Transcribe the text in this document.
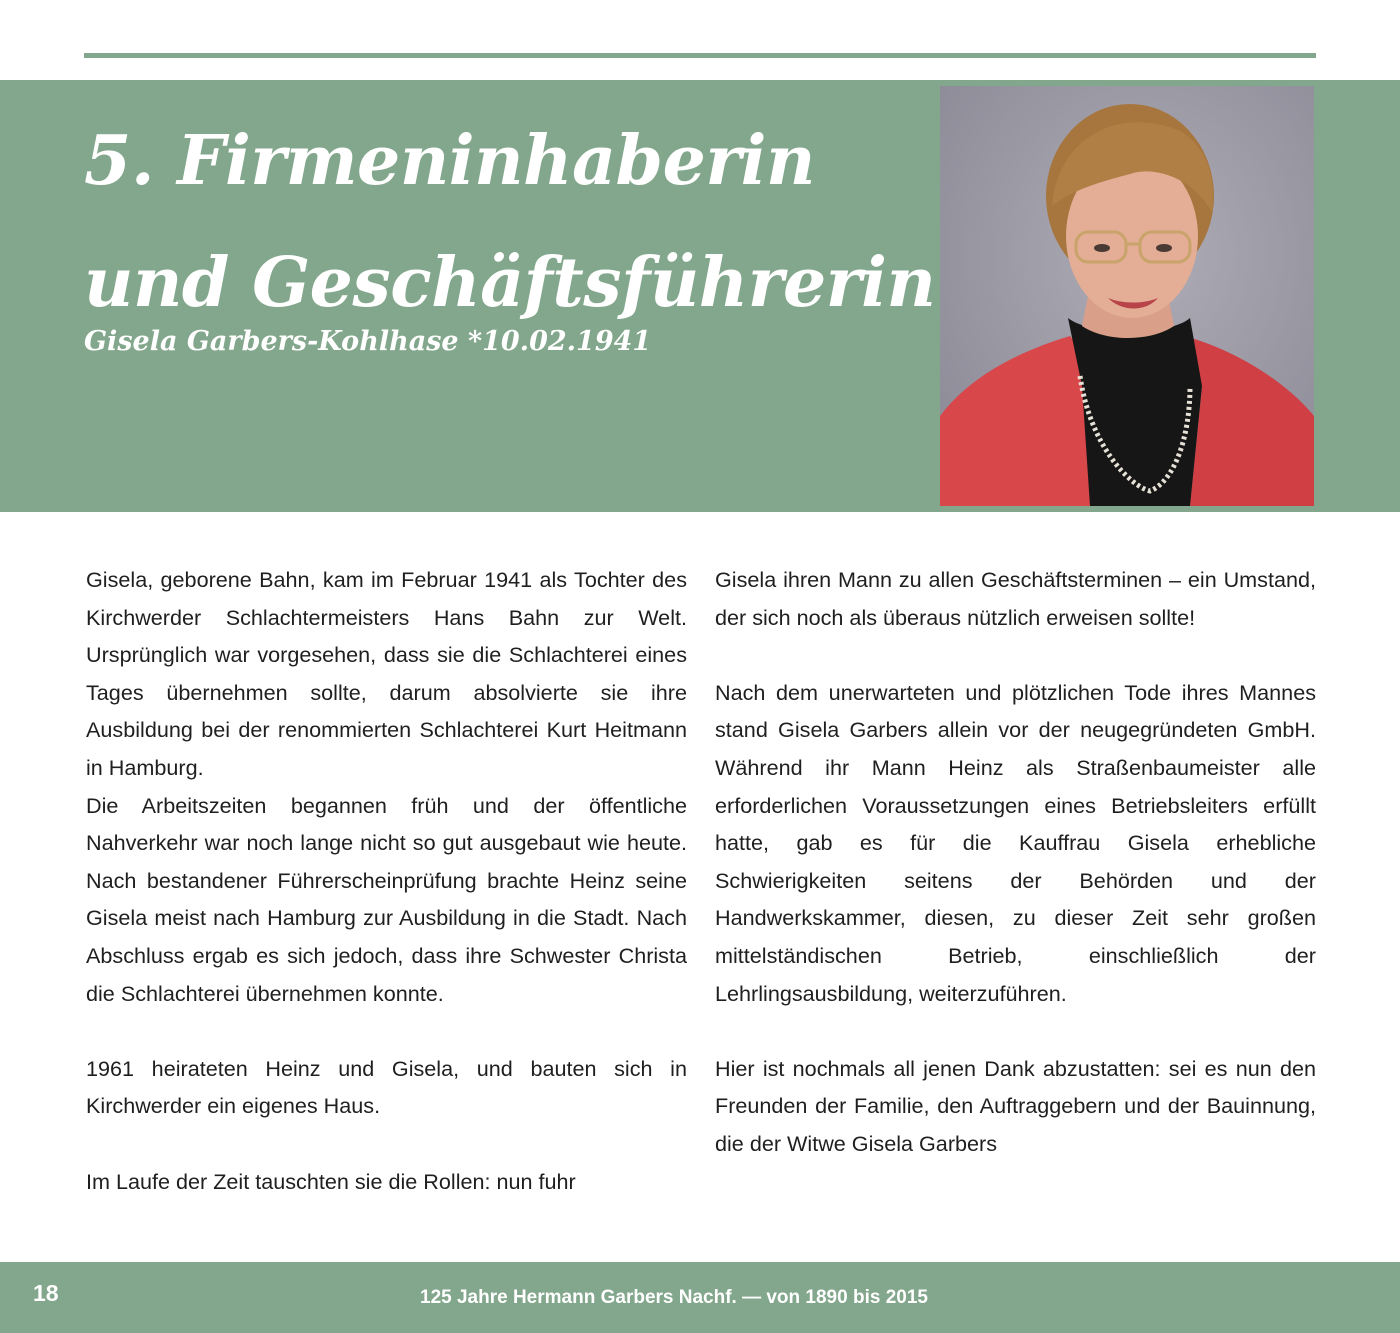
5. Firmeninhaberin
und Geschäftsführerin
Gisela Garbers-Kohlhase *10.02.1941

Gisela, geborene Bahn, kam im Februar 1941 als Tochter des Kirchwerder Schlachtermeisters Hans Bahn zur Welt. Ursprünglich war vorgesehen, dass sie die Schlachterei eines Tages übernehmen sollte, darum absolvierte sie ihre Ausbildung bei der renommierten Schlachterei Kurt Heitmann in Hamburg.

Die Arbeitszeiten begannen früh und der öffentliche Nahverkehr war noch lange nicht so gut ausgebaut wie heute. Nach bestandener Führerscheinprüfung brachte Heinz seine Gisela meist nach Hamburg zur Ausbildung in die Stadt. Nach Abschluss ergab es sich jedoch, dass ihre Schwester Christa die Schlachterei übernehmen konnte.

1961 heirateten Heinz und Gisela, und bauten sich in Kirchwerder ein eigenes Haus.

Im Laufe der Zeit tauschten sie die Rollen: nun fuhr

Gisela ihren Mann zu allen Geschäftsterminen – ein Umstand, der sich noch als überaus nützlich erweisen sollte!

Nach dem unerwarteten und plötzlichen Tode ihres Mannes stand Gisela Garbers allein vor der neugegründeten GmbH. Während ihr Mann Heinz als Straßenbaumeister alle erforderlichen Voraussetzungen eines Betriebsleiters erfüllt hatte, gab es für die Kauffrau Gisela erhebliche Schwierigkeiten seitens der Behörden und der Handwerkskammer, diesen, zu dieser Zeit sehr großen mittelständischen Betrieb, einschließlich der Lehrlingsausbildung, weiterzuführen.

Hier ist nochmals all jenen Dank abzustatten: sei es nun den Freunden der Familie, den Auftraggebern und der Bauinnung, die der Witwe Gisela Garbers

18	125 Jahre Hermann Garbers Nachf. — von 1890 bis 2015
